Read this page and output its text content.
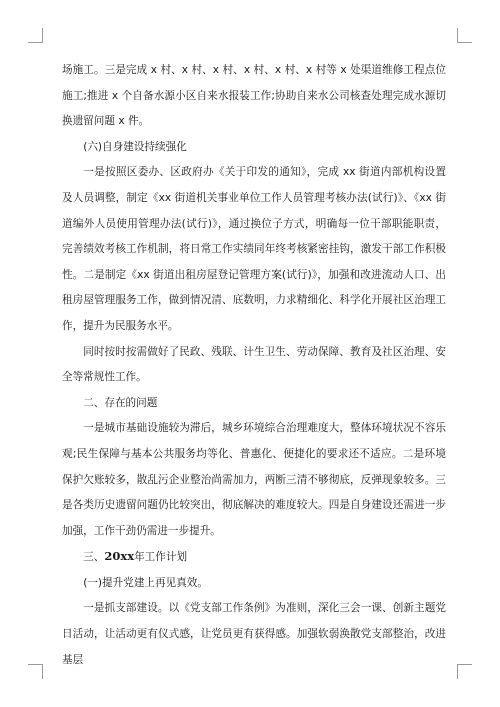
场施工。三是完成 x 村、x 村、x 村、x 村、x 村、x 村等 x 处渠道维修工程点位施工;推进 x 个自备水源小区自来水报装工作;协助自来水公司核查处理完成水源切换遗留问题 x 件。

(六)自身建设持续强化

一是按照区委办、区政府办《关于印发的通知》，完成 xx 街道内部机构设置及人员调整，制定《xx 街道机关事业单位工作人员管理考核办法(试行)》、《xx 街道编外人员使用管理办法(试行)》，通过换位子方式，明确每一位干部职能职责，完善绩效考核工作机制，将日常工作实绩同年终考核紧密挂钩，激发干部工作积极性。二是制定《xx 街道出租房屋登记管理方案(试行)》，加强和改进流动人口、出租房屋管理服务工作，做到情况清、底数明，力求精细化、科学化开展社区治理工作，提升为民服务水平。

同时按时按需做好了民政、残联、计生卫生、劳动保障、教育及社区治理、安全等常规性工作。

二、存在的问题

一是城市基础设施较为滞后，城乡环境综合治理难度大，整体环境状况不容乐观;民生保障与基本公共服务均等化、普惠化、便捷化的要求还不适应。二是环境保护欠账较多，散乱污企业整治尚需加力，两断三清不够彻底，反弹现象较多。三是各类历史遗留问题仍比较突出，彻底解决的难度较大。四是自身建设还需进一步加强，工作干劲仍需进一步提升。

三、20xx年工作计划

(一)提升党建上再见真效。

一是抓支部建设。以《党支部工作条例》为准则，深化三会一课、创新主题党日活动，让活动更有仪式感，让党员更有获得感。加强软弱涣散党支部整治，改进基层
